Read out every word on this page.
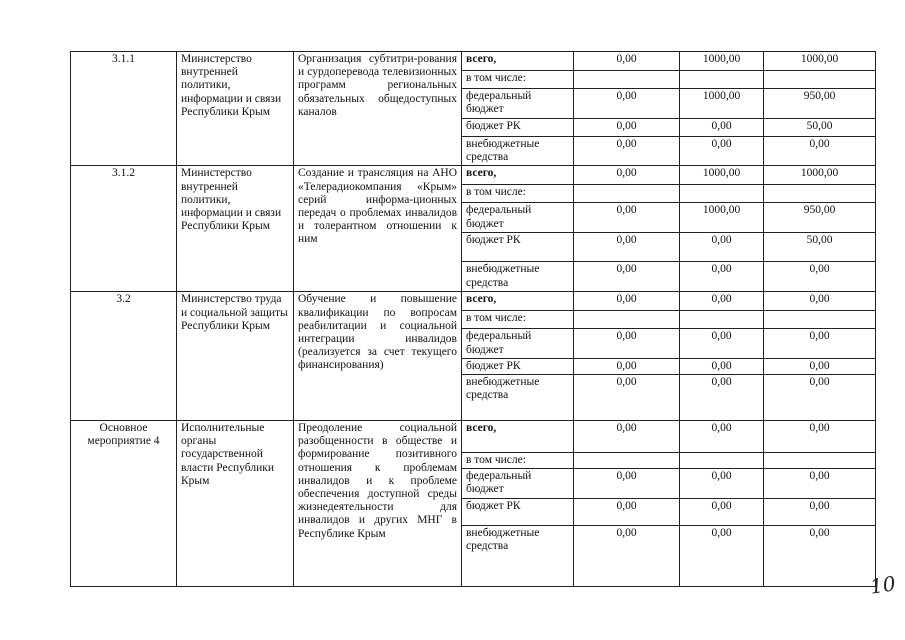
3.1.1	Министерство внутренней политики, информации и связи Республики Крым	Организация субтитри-рования и сурдоперевода телевизионных программ региональных обязательных общедоступных каналов	всего,	0,00	1000,00	1000,00
			в том числе:			
			федеральный бюджет	0,00	1000,00	950,00
			бюджет РК	0,00	0,00	50,00
			внебюджетные средства	0,00	0,00	0,00
3.1.2	Министерство внутренней политики, информации и связи Республики Крым	Создание и трансляция на АНО «Телерадиокомпания «Крым» серий информа-ционных передач о проблемах инвалидов и толерантном отношении к ним	всего,	0,00	1000,00	1000,00
			в том числе:			
			федеральный бюджет	0,00	1000,00	950,00
			бюджет РК	0,00	0,00	50,00
			внебюджетные средства	0,00	0,00	0,00
3.2	Министерство труда и социальной защиты Республики Крым	Обучение и повышение квалификации по вопросам реабилитации и социальной интеграции инвалидов (реализуется за счет текущего финансирования)	всего,	0,00	0,00	0,00
			в том числе:			
			федеральный бюджет	0,00	0,00	0,00
			бюджет РК	0,00	0,00	0,00
			внебюджетные средства	0,00	0,00	0,00
Основное мероприятие 4	Исполнительные органы государственной власти Республики Крым	Преодоление социальной разобщенности в обществе и формирование позитивного отношения к проблемам инвалидов и к проблеме обеспечения доступной среды жизнедеятельности для инвалидов и других МНГ в Республике Крым	всего,	0,00	0,00	0,00
			в том числе:			
			федеральный бюджет	0,00	0,00	0,00
			бюджет РК	0,00	0,00	0,00
			внебюджетные средства	0,00	0,00	0,00
10
